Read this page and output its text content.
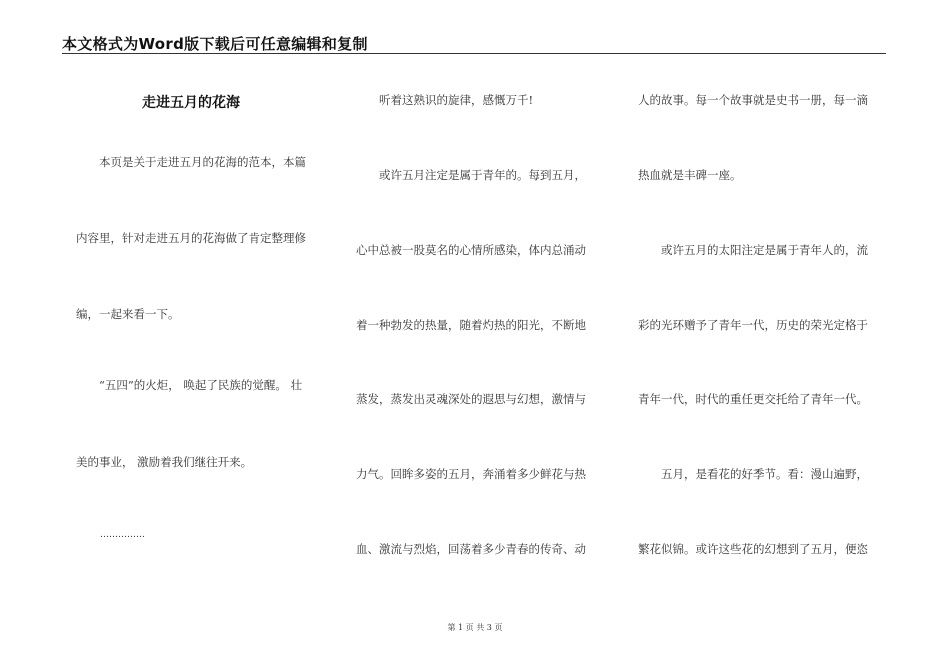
本文格式为Word版下载后可任意编辑和复制
走进五月的花海
　　本页是关于走进五月的花海的范本，本篇
内容里，针对走进五月的花海做了肯定整理修
编，一起来看一下。
　　“五四”的火炬， 唤起了民族的觉醒。 壮
美的事业， 激励着我们继往开来。
……………
　　听着这熟识的旋律，感慨万千!
　　或许五月注定是属于青年的。每到五月，
心中总被一股莫名的心情所感染，体内总涌动
着一种勃发的热量，随着灼热的阳光，不断地
蒸发，蒸发出灵魂深处的遐思与幻想，激情与
力气。回眸多姿的五月，奔涌着多少鲜花与热
血、激流与烈焰，回荡着多少青春的传奇、动
人的故事。每一个故事就是史书一册，每一滴
热血就是丰碑一座。
　　或许五月的太阳注定是属于青年人的，流
彩的光环赠予了青年一代，历史的荣光定格于
青年一代，时代的重任更交托给了青年一代。
　　五月，是看花的好季节。看：漫山遍野，
繁花似锦。或许这些花的幻想到了五月，便恣
第 1 页 共 3 页
